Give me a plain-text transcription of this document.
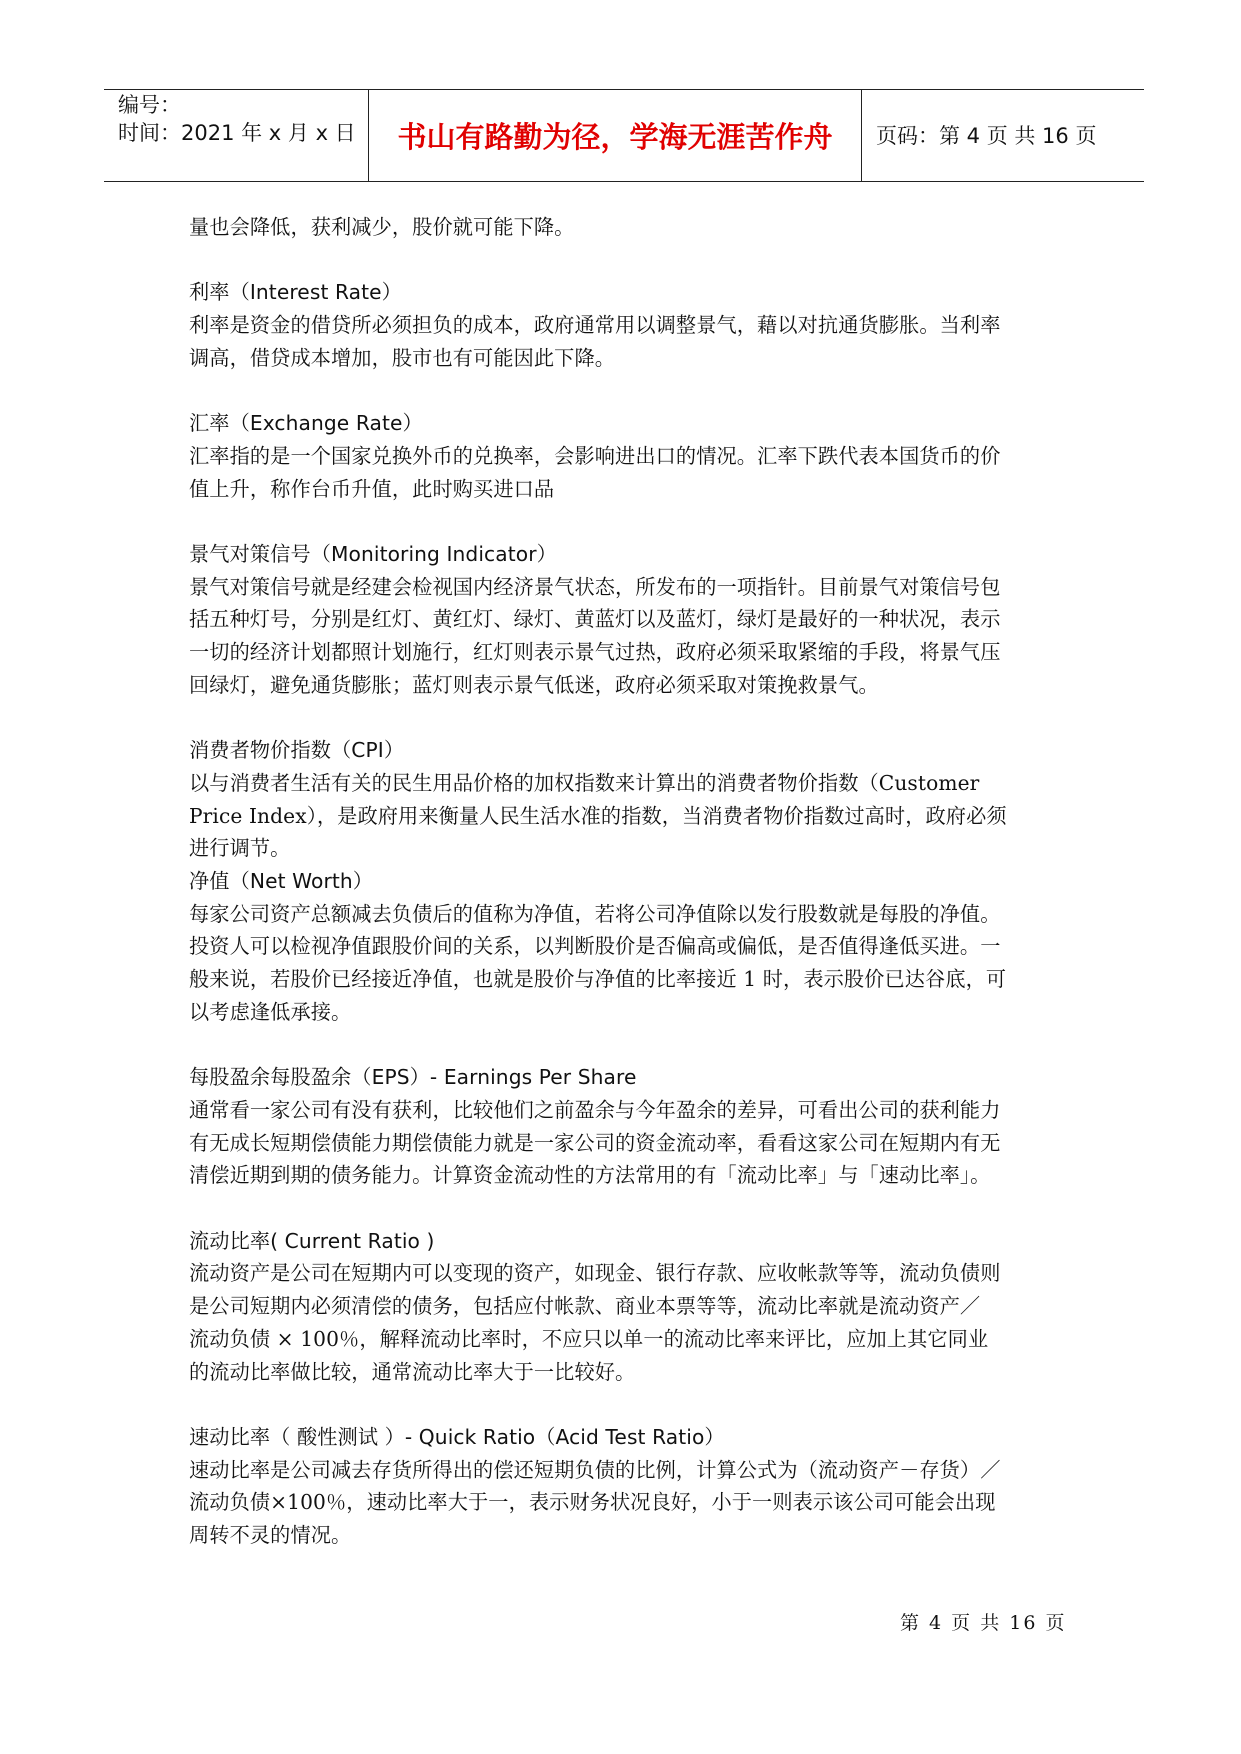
编号：
时间：2021 年 x 月 x 日	书山有路勤为径，学海无涯苦作舟	页码：第 4 页 共 16 页

量也会降低，获利减少，股价就可能下降。

利率（Interest Rate）

利率是资金的借贷所必须担负的成本，政府通常用以调整景气，藉以对抗通货膨胀。当利率

调高，借贷成本增加，股市也有可能因此下降。

汇率（Exchange Rate）

汇率指的是一个国家兑换外币的兑换率，会影响进出口的情况。汇率下跌代表本国货币的价

值上升，称作台币升值，此时购买进口品

景气对策信号（Monitoring Indicator）

景气对策信号就是经建会检视国内经济景气状态，所发布的一项指针。目前景气对策信号包

括五种灯号，分别是红灯、黄红灯、绿灯、黄蓝灯以及蓝灯，绿灯是最好的一种状况，表示

一切的经济计划都照计划施行，红灯则表示景气过热，政府必须采取紧缩的手段，将景气压

回绿灯，避免通货膨胀；蓝灯则表示景气低迷，政府必须采取对策挽救景气。

消费者物价指数（CPI）

以与消费者生活有关的民生用品价格的加权指数来计算出的消费者物价指数（Customer

Price Index），是政府用来衡量人民生活水准的指数，当消费者物价指数过高时，政府必须

进行调节。

净值（Net Worth）

每家公司资产总额减去负债后的值称为净值，若将公司净值除以发行股数就是每股的净值。

投资人可以检视净值跟股价间的关系，以判断股价是否偏高或偏低，是否值得逢低买进。一

般来说，若股价已经接近净值，也就是股价与净值的比率接近 1 时，表示股价已达谷底，可

以考虑逢低承接。

每股盈余每股盈余（EPS）- Earnings Per Share

通常看一家公司有没有获利，比较他们之前盈余与今年盈余的差异，可看出公司的获利能力

有无成长短期偿债能力期偿债能力就是一家公司的资金流动率，看看这家公司在短期内有无

清偿近期到期的债务能力。计算资金流动性的方法常用的有「流动比率」与「速动比率」。

流动比率( Current Ratio )

流动资产是公司在短期内可以变现的资产，如现金、银行存款、应收帐款等等，流动负债则

是公司短期内必须清偿的债务，包括应付帐款、商业本票等等，流动比率就是流动资产／

流动负债 × 100％，解释流动比率时，不应只以单一的流动比率来评比，应加上其它同业

的流动比率做比较，通常流动比率大于一比较好。

速动比率（ 酸性测试 ）- Quick Ratio（Acid Test Ratio）

速动比率是公司减去存货所得出的偿还短期负债的比例，计算公式为（流动资产－存货）／

流动负债×100％，速动比率大于一，表示财务状况良好，小于一则表示该公司可能会出现

周转不灵的情况。

第 4 页 共 16 页
